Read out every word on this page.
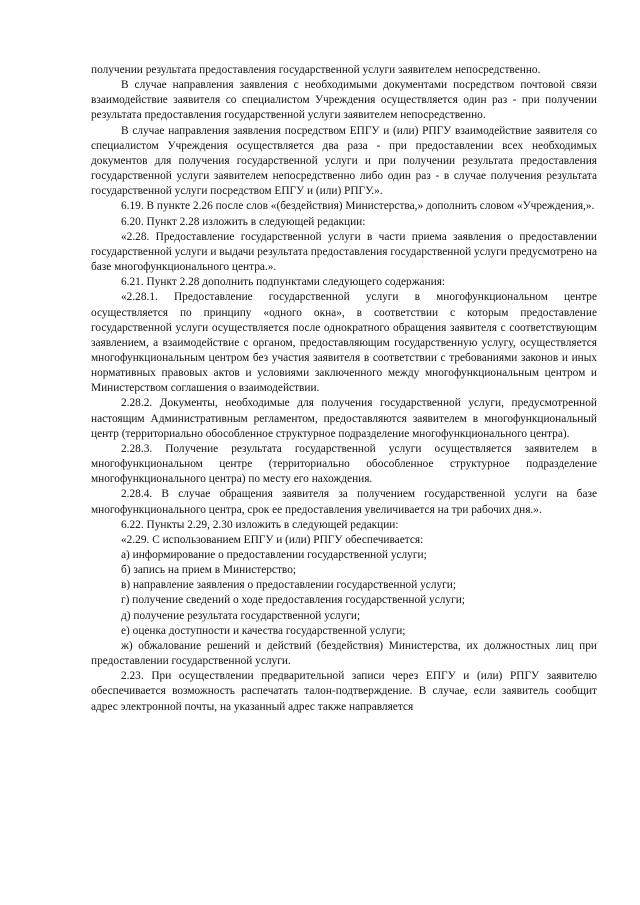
получении результата предоставления государственной услуги заявителем непосредственно.

В случае направления заявления с необходимыми документами посредством почтовой связи взаимодействие заявителя со специалистом Учреждения осуществляется один раз - при получении результата предоставления государственной услуги заявителем непосредственно.

В случае направления заявления посредством ЕПГУ и (или) РПГУ взаимодействие заявителя со специалистом Учреждения осуществляется два раза - при предоставлении всех необходимых документов для получения государственной услуги и при получении результата предоставления государственной услуги заявителем непосредственно либо один раз - в случае получения результата государственной услуги посредством ЕПГУ и (или) РПГУ.».

6.19. В пункте 2.26 после слов «(бездействия) Министерства,» дополнить словом «Учреждения,».

6.20. Пункт 2.28 изложить в следующей редакции:

«2.28. Предоставление государственной услуги в части приема заявления о предоставлении государственной услуги и выдачи результата предоставления государственной услуги предусмотрено на базе многофункционального центра.».

6.21. Пункт 2.28 дополнить подпунктами следующего содержания:

«2.28.1. Предоставление государственной услуги в многофункциональном центре осуществляется по принципу «одного окна», в соответствии с которым предоставление государственной услуги осуществляется после однократного обращения заявителя с соответствующим заявлением, а взаимодействие с органом, предоставляющим государственную услугу, осуществляется многофункциональным центром без участия заявителя в соответствии с требованиями законов и иных нормативных правовых актов и условиями заключенного между многофункциональным центром и Министерством соглашения о взаимодействии.

2.28.2. Документы, необходимые для получения государственной услуги, предусмотренной настоящим Административным регламентом, предоставляются заявителем в многофункциональный центр (территориально обособленное структурное подразделение многофункционального центра).

2.28.3. Получение результата государственной услуги осуществляется заявителем в многофункциональном центре (территориально обособленное структурное подразделение многофункционального центра) по месту его нахождения.

2.28.4. В случае обращения заявителя за получением государственной услуги на базе многофункционального центра, срок ее предоставления увеличивается на три рабочих дня.».

6.22. Пункты 2.29, 2.30 изложить в следующей редакции:

«2.29. С использованием ЕПГУ и (или) РПГУ обеспечивается:

а) информирование о предоставлении государственной услуги;

б) запись на прием в Министерство;

в) направление заявления о предоставлении государственной услуги;

г) получение сведений о ходе предоставления государственной услуги;

д) получение результата государственной услуги;

е) оценка доступности и качества государственной услуги;

ж) обжалование решений и действий (бездействия) Министерства, их должностных лиц при предоставлении государственной услуги.

2.23. При осуществлении предварительной записи через ЕПГУ и (или) РПГУ заявителю обеспечивается возможность распечатать талон-подтверждение. В случае, если заявитель сообщит адрес электронной почты, на указанный адрес также направляется
